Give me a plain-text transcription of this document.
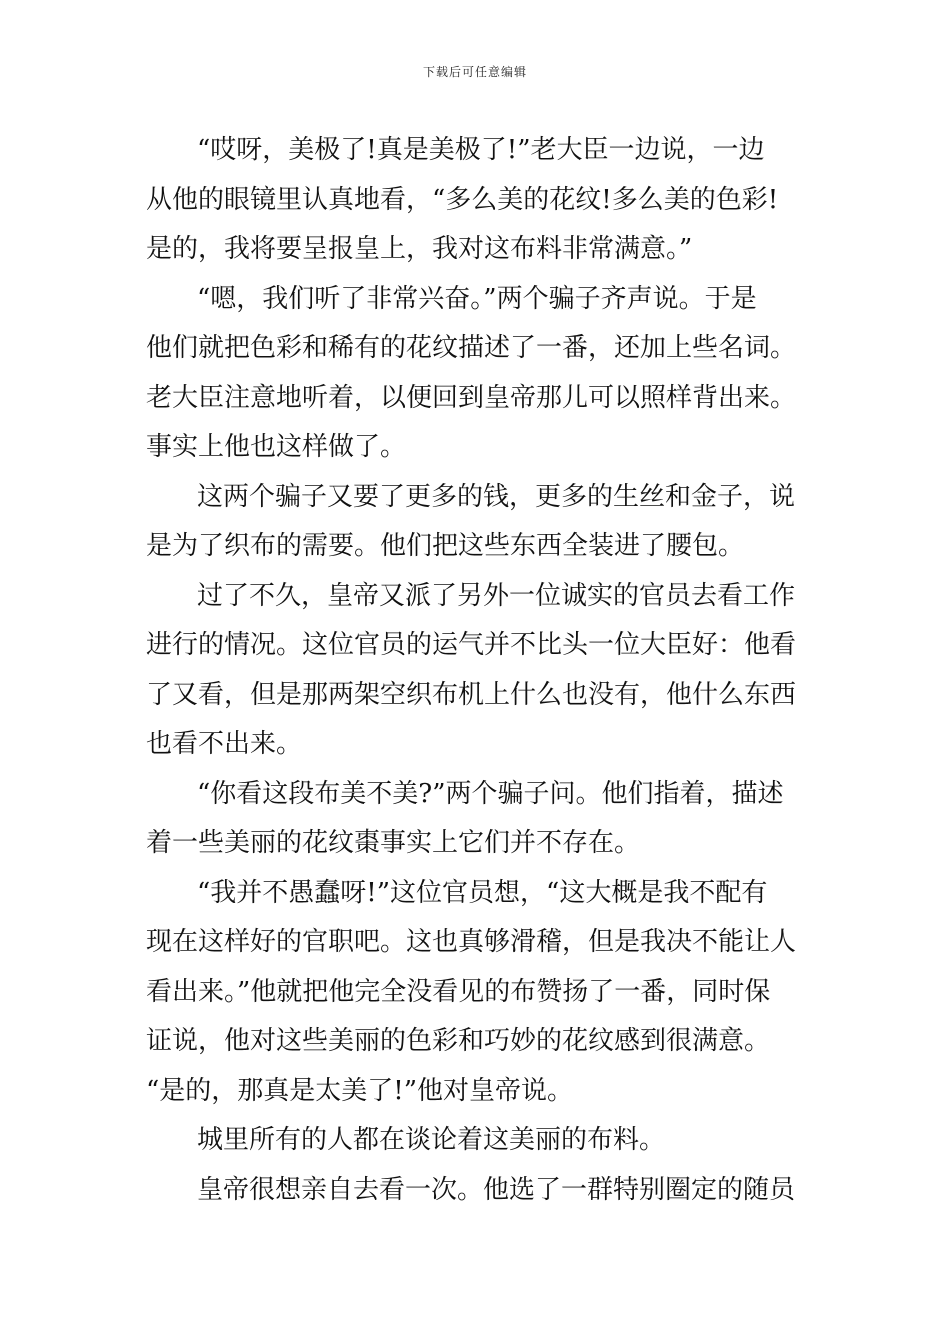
下载后可任意编辑
“哎呀，美极了!真是美极了!”老大臣一边说，一边
从他的眼镜里认真地看，“多么美的花纹!多么美的色彩!
是的，我将要呈报皇上，我对这布料非常满意。”
“嗯，我们听了非常兴奋。”两个骗子齐声说。于是
他们就把色彩和稀有的花纹描述了一番，还加上些名词。
老大臣注意地听着，以便回到皇帝那儿可以照样背出来。
事实上他也这样做了。
这两个骗子又要了更多的钱，更多的生丝和金子，说
是为了织布的需要。他们把这些东西全装进了腰包。
过了不久，皇帝又派了另外一位诚实的官员去看工作
进行的情况。这位官员的运气并不比头一位大臣好：他看
了又看，但是那两架空织布机上什么也没有，他什么东西
也看不出来。
“你看这段布美不美?”两个骗子问。他们指着，描述
着一些美丽的花纹棗事实上它们并不存在。
“我并不愚蠢呀!”这位官员想，“这大概是我不配有
现在这样好的官职吧。这也真够滑稽，但是我决不能让人
看出来。”他就把他完全没看见的布赞扬了一番，同时保
证说，他对这些美丽的色彩和巧妙的花纹感到很满意。
“是的，那真是太美了!”他对皇帝说。
城里所有的人都在谈论着这美丽的布料。
皇帝很想亲自去看一次。他选了一群特别圈定的随员
